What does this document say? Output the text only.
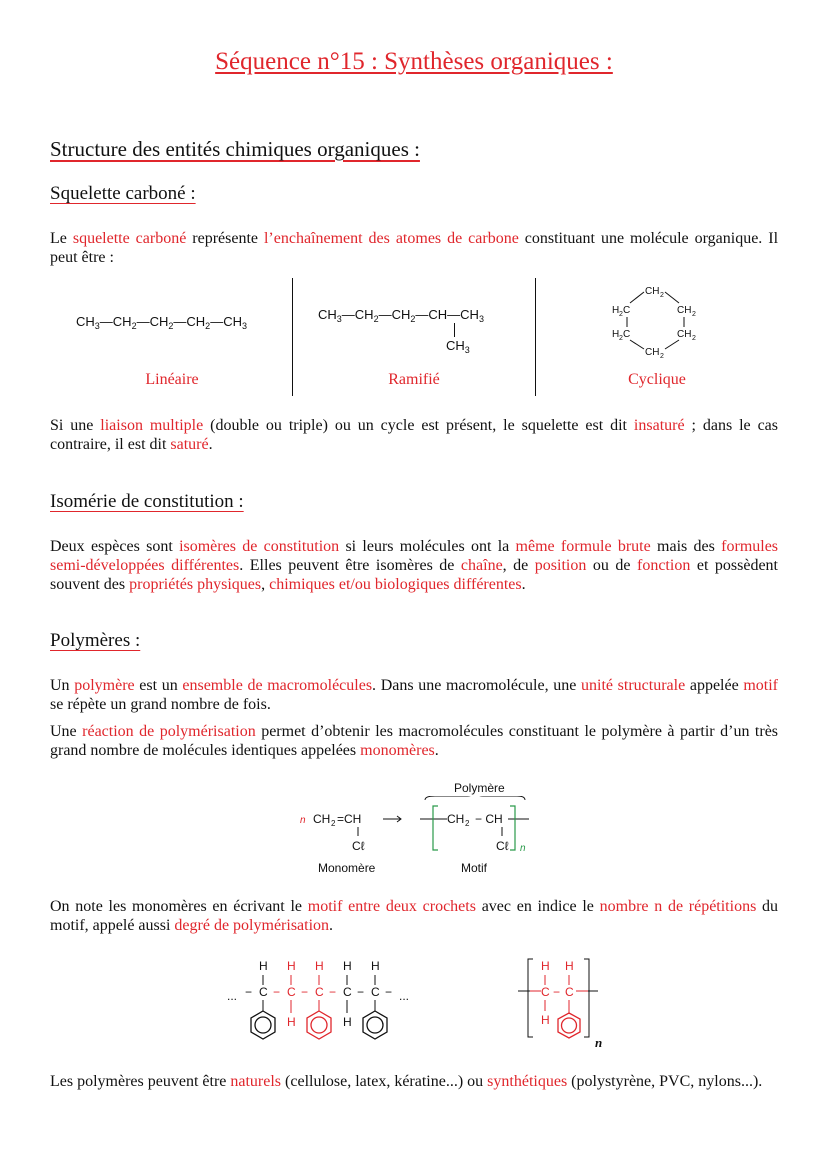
Séquence n°15 : Synthèses organiques :
Structure des entités chimiques organiques :
Squelette carboné :
Le squelette carboné représente l’enchaînement des atomes de carbone constituant une molécule organique. Il peut être :
$CH_3—CH_2—CH_2—CH_2—CH_3$
Linéaire
$CH_3—CH_2—CH_2—CH—CH_3$
$CH_3$
Ramifié
CH 2
H 2 C	CH 2
H 2 C	CH 2
CH 2
Cyclique
Si une liaison multiple (double ou triple) ou un cycle est présent, le squelette est dit insaturé ; dans le cas contraire, il est dit saturé.
Isomérie de constitution :
Deux espèces sont isomères de constitution si leurs molécules ont la même formule brute mais des formules semi-développées différentes. Elles peuvent être isomères de chaîne, de position ou de fonction et possèdent souvent des propriétés physiques, chimiques et/ou biologiques différentes.
Polymères :
Un polymère est un ensemble de macromolécules. Dans une macromolécule, une unité structurale appelée motif se répète un grand nombre de fois.
Une réaction de polymérisation permet d’obtenir les macromolécules constituant le polymère à partir d’un très grand nombre de molécules identiques appelées monomères.
Polymère
n CH 2 =CH
Cℓ
CH 2 − CH
Cℓ n
Monomère	Motif
On note les monomères en écrivant le motif entre deux crochets avec en indice le nombre n de répétitions du motif, appelé aussi degré de polymérisation.
H H H H H
... − C − C − C − C − C − ...
H	H
H H
C − C
H
n
Les polymères peuvent être naturels (cellulose, latex, kératine...) ou synthétiques (polystyrène, PVC, nylons...).
